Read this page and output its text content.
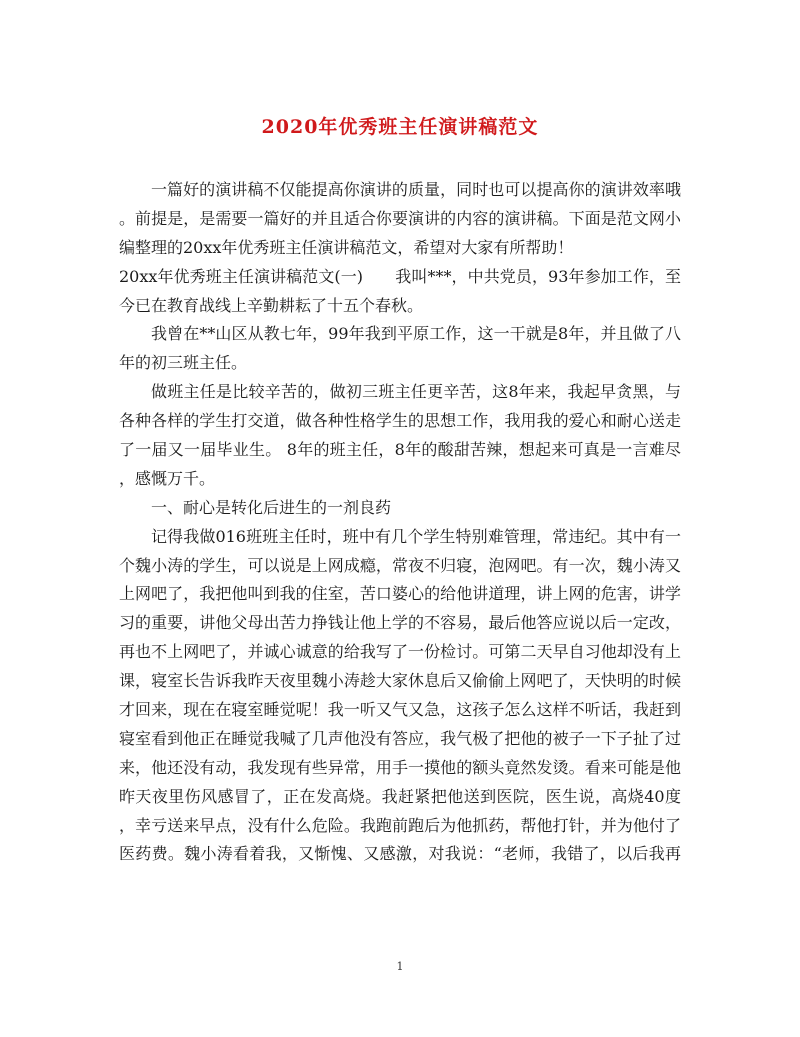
2020年优秀班主任演讲稿范文
一篇好的演讲稿不仅能提高你演讲的质量，同时也可以提高你的演讲效率哦
。前提是，是需要一篇好的并且适合你要演讲的内容的演讲稿。下面是范文网小
编整理的20xx年优秀班主任演讲稿范文，希望对大家有所帮助！
20xx年优秀班主任演讲稿范文(一)　　我叫***，中共党员，93年参加工作，至
今已在教育战线上辛勤耕耘了十五个春秋。
我曾在**山区从教七年，99年我到平原工作，这一干就是8年，并且做了八
年的初三班主任。
做班主任是比较辛苦的，做初三班主任更辛苦，这8年来，我起早贪黑，与
各种各样的学生打交道，做各种性格学生的思想工作，我用我的爱心和耐心送走
了一届又一届毕业生。 8年的班主任，8年的酸甜苦辣，想起来可真是一言难尽
，感慨万千。
一、耐心是转化后进生的一剂良药
记得我做016班班主任时，班中有几个学生特别难管理，常违纪。其中有一
个魏小涛的学生，可以说是上网成瘾，常夜不归寝，泡网吧。有一次，魏小涛又
上网吧了，我把他叫到我的住室，苦口婆心的给他讲道理，讲上网的危害，讲学
习的重要，讲他父母出苦力挣钱让他上学的不容易，最后他答应说以后一定改，
再也不上网吧了，并诚心诚意的给我写了一份检讨。可第二天早自习他却没有上
课，寝室长告诉我昨天夜里魏小涛趁大家休息后又偷偷上网吧了，天快明的时候
才回来，现在在寝室睡觉呢！我一听又气又急，这孩子怎么这样不听话，我赶到
寝室看到他正在睡觉我喊了几声他没有答应，我气极了把他的被子一下子扯了过
来，他还没有动，我发现有些异常，用手一摸他的额头竟然发烫。看来可能是他
昨天夜里伤风感冒了，正在发高烧。我赶紧把他送到医院，医生说，高烧40度
，幸亏送来早点，没有什么危险。我跑前跑后为他抓药，帮他打针，并为他付了
医药费。魏小涛看着我，又惭愧、又感激，对我说：“老师，我错了，以后我再
1
